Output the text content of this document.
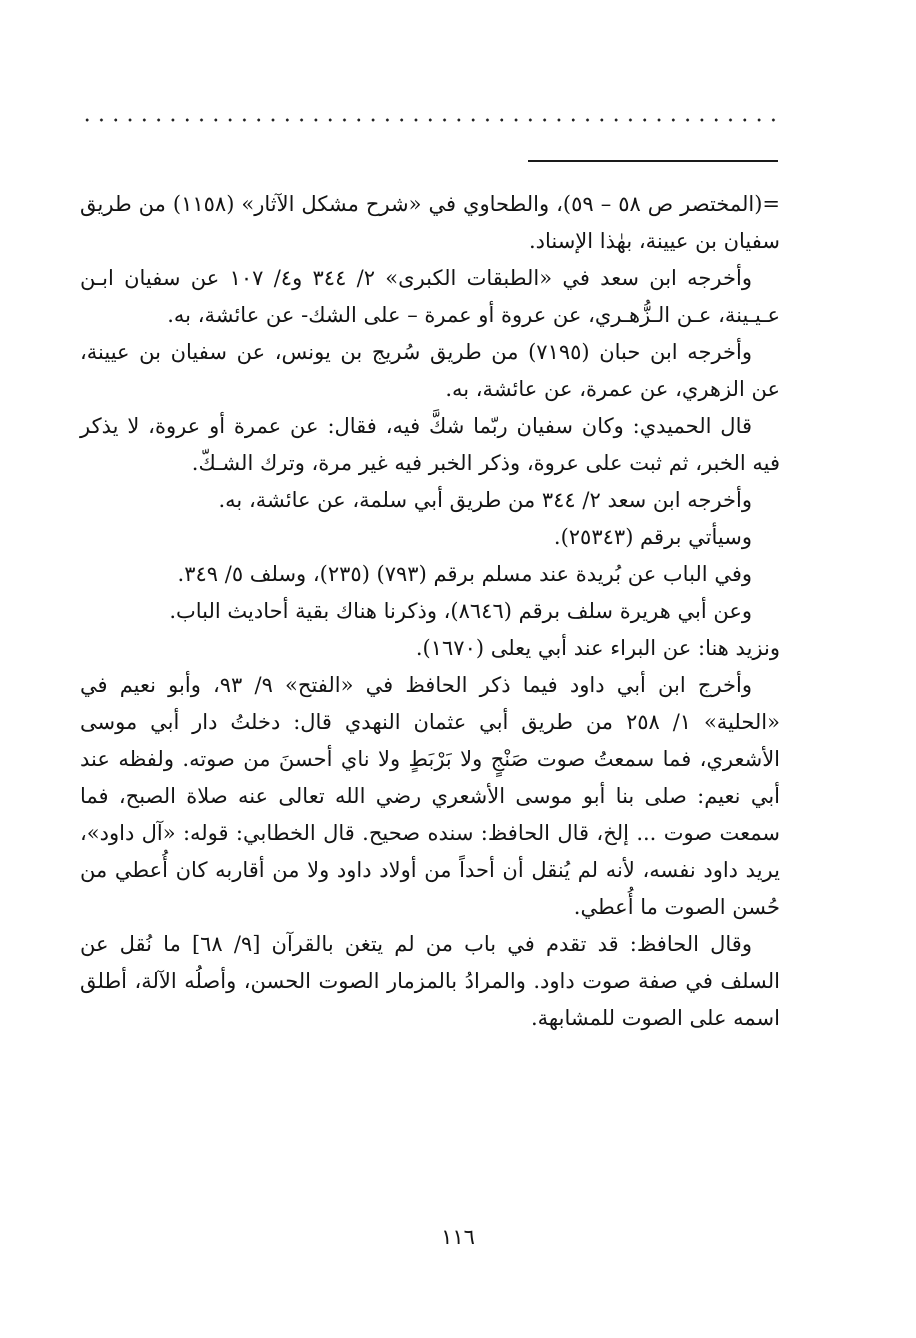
=(المختصر ص ٥٨ – ٥٩)، والطحاوي في «شرح مشكل الآثار» (١١٥٨) من طريق سفيان بن عيينة، بهٰذا الإسناد.

وأخرجه ابن سعد في «الطبقات الكبرى» ٢/ ٣٤٤ و٤/ ١٠٧ عن سفيان ابـن عـيـينة، عـن الـزُّهـري، عن عروة أو عمرة – على الشك- عن عائشة، به.

وأخرجه ابن حبان (٧١٩٥) من طريق سُريج بن يونس، عن سفيان بن عيينة، عن الزهري، عن عمرة، عن عائشة، به.

قال الحميدي: وكان سفيان ربّما شكَّ فيه، فقال: عن عمرة أو عروة، لا يذكر فيه الخبر، ثم ثبت على عروة، وذكر الخبر فيه غير مرة، وترك الشـكّ.

وأخرجه ابن سعد ٢/ ٣٤٤ من طريق أبي سلمة، عن عائشة، به.

وسيأتي برقم (٢٥٣٤٣).

وفي الباب عن بُريدة عند مسلم برقم (٧٩٣) (٢٣٥)، وسلف ٥/ ٣٤٩.

وعن أبي هريرة سلف برقم (٨٦٤٦)، وذكرنا هناك بقية أحاديث الباب.

ونزيد هنا: عن البراء عند أبي يعلى (١٦٧٠).

وأخرج ابن أبي داود فيما ذكر الحافظ في «الفتح» ٩/ ٩٣، وأبو نعيم في «الحلية» ١/ ٢٥٨ من طريق أبي عثمان النهدي قال: دخلتُ دار أبي موسى الأشعري، فما سمعتُ صوت صَنْجٍ ولا بَرْبَطٍ ولا ناي أحسنَ من صوته. ولفظه عند أبي نعيم: صلى بنا أبو موسى الأشعري رضي الله تعالى عنه صلاة الصبح، فما سمعت صوت ... إلخ، قال الحافظ: سنده صحيح. قال الخطابي: قوله: «آل داود»، يريد داود نفسه، لأنه لم يُنقل أن أحداً من أولاد داود ولا من أقاربه كان أُعطي من حُسن الصوت ما أُعطي.

وقال الحافظ: قد تقدم في باب من لم يتغن بالقرآن [٩/ ٦٨] ما نُقل عن السلف في صفة صوت داود. والمرادُ بالمزمار الصوت الحسن، وأصلُه الآلة، أطلق اسمه على الصوت للمشابهة.

١١٦
